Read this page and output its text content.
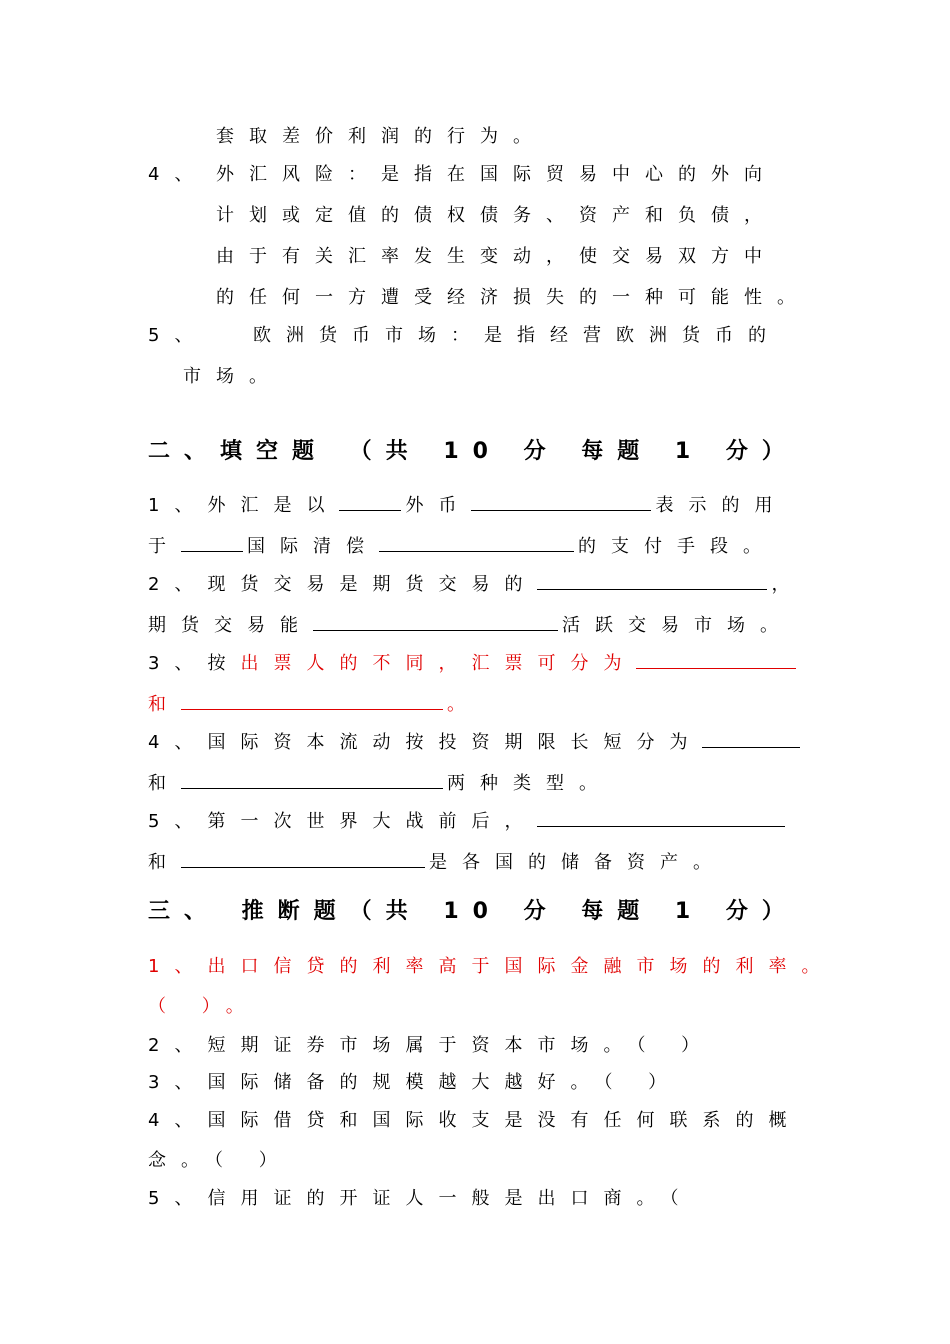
套取差价利润的行为。
4、 外汇风险：是指在国际贸易中心的外向
计划或定值的债权债务、资产和负债，
由于有关汇率发生变动，使交易双方中
的任何一方遭受经济损失的一种可能性。
5、	欧洲货币市场：是指经营欧洲货币的
市场。
二、填空题 （共 10 分 每题 1 分）
1、外汇是以	外币	表示的用
于	国际清偿	的支付手段。
2、现货交易是期货交易的	，
期货交易能	活跃交易市场。
3、按出票人的不同，汇票可分为
和	。
4、国际资本流动按投资期限长短分为
和	两种类型。
5、第一次世界大战前后，
和	是各国的储备资产。
三、 推断题（共 10 分 每题 1 分）
1、出口信贷的利率高于国际金融市场的利率。
（ ）。
2、短期证券市场属于资本市场。（ ）
3、国际储备的规模越大越好。（ ）
4、国际借贷和国际收支是没有任何联系的概
念。（ ）
5、信用证的开证人一般是出口商。（
